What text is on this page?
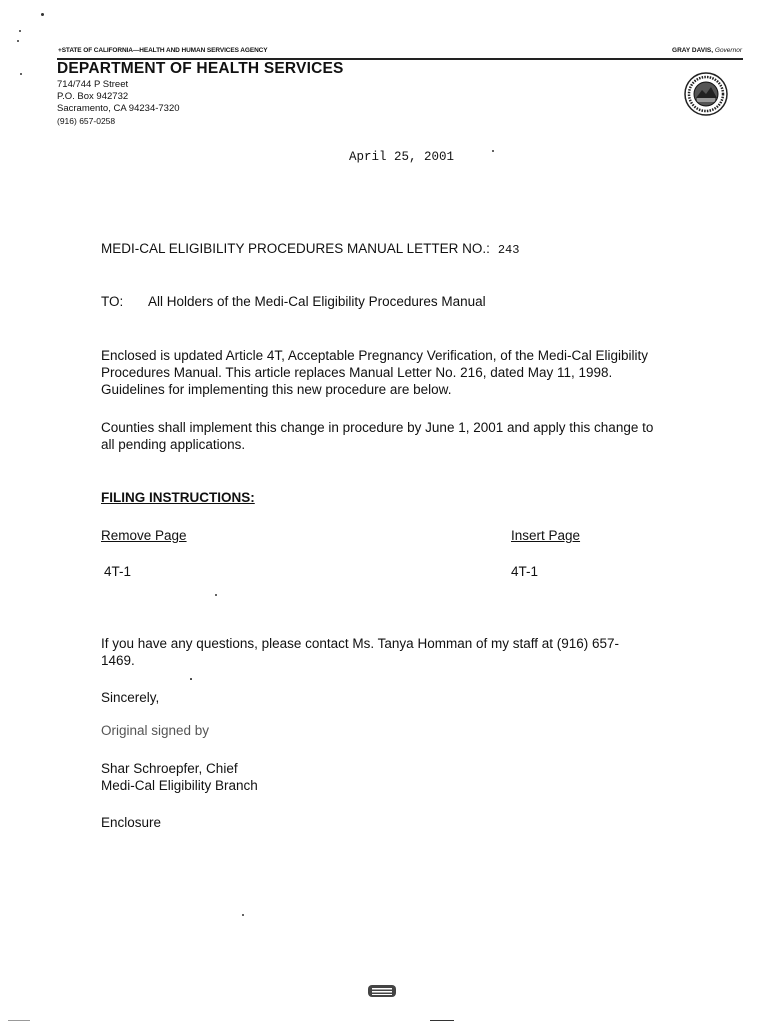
+STATE OF CALIFORNIA—HEALTH AND HUMAN SERVICES AGENCY	GRAY DAVIS, Governor
DEPARTMENT OF HEALTH SERVICES
714/744 P Street
P.O. Box 942732
Sacramento, CA 94234-7320
(916) 657-0258
April 25, 2001
MEDI-CAL ELIGIBILITY PROCEDURES MANUAL LETTER NO.: 243
TO: All Holders of the Medi-Cal Eligibility Procedures Manual
Enclosed is updated Article 4T, Acceptable Pregnancy Verification, of the Medi-Cal Eligibility Procedures Manual. This article replaces Manual Letter No. 216, dated May 11, 1998. Guidelines for implementing this new procedure are below.
Counties shall implement this change in procedure by June 1, 2001 and apply this change to all pending applications.
FILING INSTRUCTIONS:
Remove Page	Insert Page
4T-1	4T-1
If you have any questions, please contact Ms. Tanya Homman of my staff at (916) 657-1469.
Sincerely,
Original signed by
Shar Schroepfer, Chief
Medi-Cal Eligibility Branch
Enclosure
